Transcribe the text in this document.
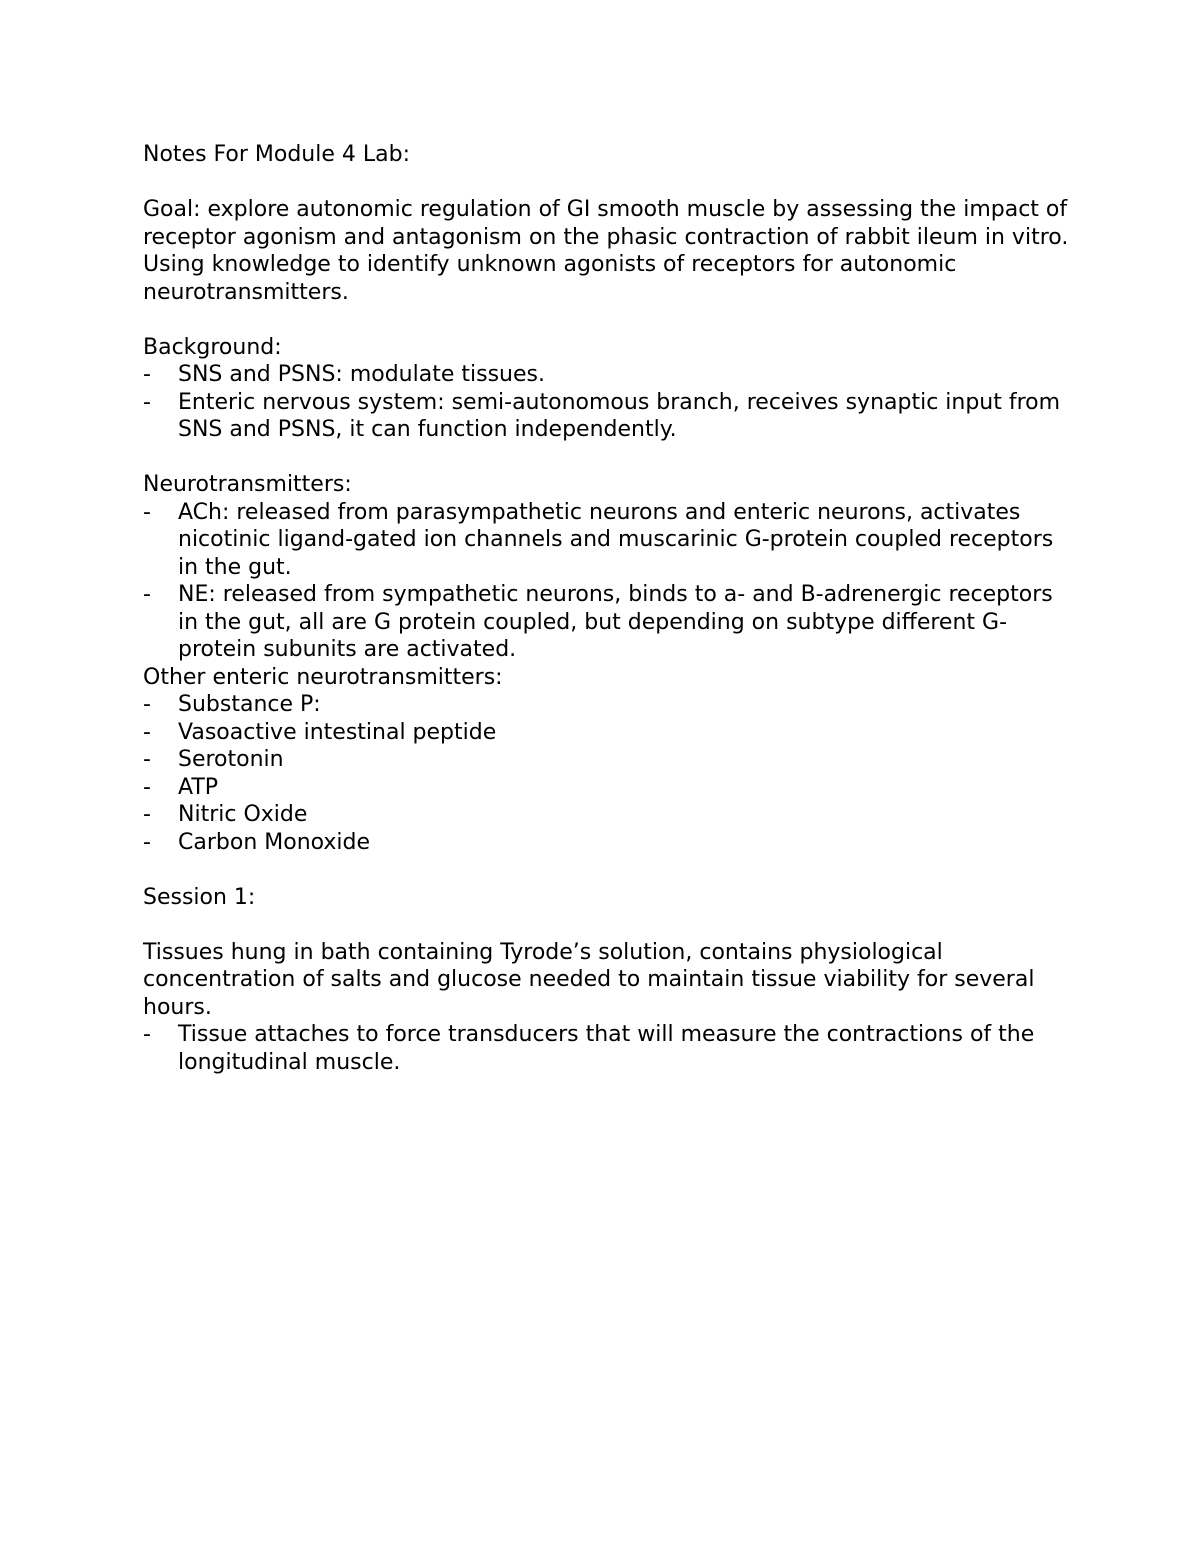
Notes For Module 4 Lab:

Goal: explore autonomic regulation of GI smooth muscle by assessing the impact of receptor agonism and antagonism on the phasic contraction of rabbit ileum in vitro. Using knowledge to identify unknown agonists of receptors for autonomic neurotransmitters.

Background:

- SNS and PSNS: modulate tissues.
- Enteric nervous system: semi-autonomous branch, receives synaptic input from SNS and PSNS, it can function independently.

Neurotransmitters:

- ACh: released from parasympathetic neurons and enteric neurons, activates nicotinic ligand-gated ion channels and muscarinic G-protein coupled receptors in the gut.
- NE: released from sympathetic neurons, binds to a- and B-adrenergic receptors in the gut, all are G protein coupled, but depending on subtype different G-protein subunits are activated.

Other enteric neurotransmitters:

- Substance P:
- Vasoactive intestinal peptide
- Serotonin
- ATP
- Nitric Oxide
- Carbon Monoxide

Session 1:

Tissues hung in bath containing Tyrode’s solution, contains physiological concentration of salts and glucose needed to maintain tissue viability for several hours.

- Tissue attaches to force transducers that will measure the contractions of the longitudinal muscle.
